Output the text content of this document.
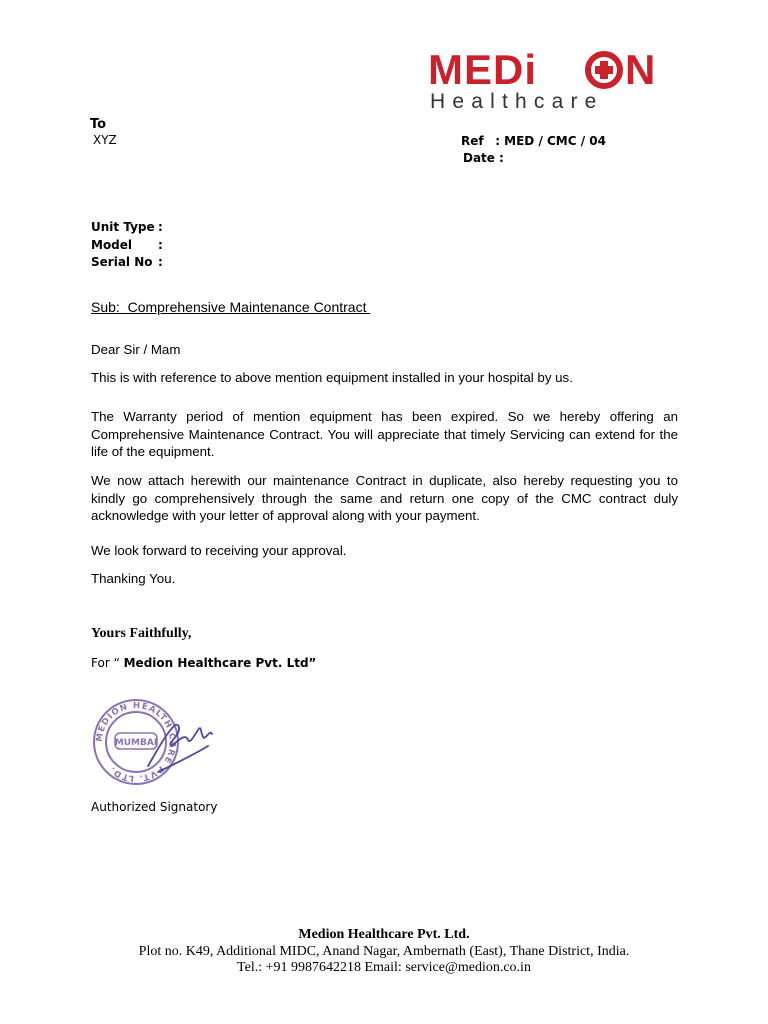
MEDi N
Healthcare
To
XYZ	Ref : MED / CMC / 04
Date :
Unit Type :
Model :
Serial No :
Sub:  Comprehensive Maintenance Contract
Dear Sir / Mam
This is with reference to above mention equipment installed in your hospital by us.
The Warranty period of mention equipment has been expired. So we hereby offering an Comprehensive Maintenance Contract. You will appreciate that timely Servicing can extend for the life of the equipment.
We now attach herewith our maintenance Contract in duplicate, also hereby requesting you to kindly go comprehensively through the same and return one copy of the CMC contract duly acknowledge with your letter of approval along with your payment.
We look forward to receiving your approval.
Thanking You.
Yours Faithfully,
For “ Medion Healthcare Pvt. Ltd”
MEDION HEALTH CARE PVT. LTD.
MUMBAI
Authorized Signatory
Medion Healthcare Pvt. Ltd.
Plot no. K49, Additional MIDC, Anand Nagar, Ambernath (East), Thane District, India.
Tel.: +91 9987642218 Email: service@medion.co.in
